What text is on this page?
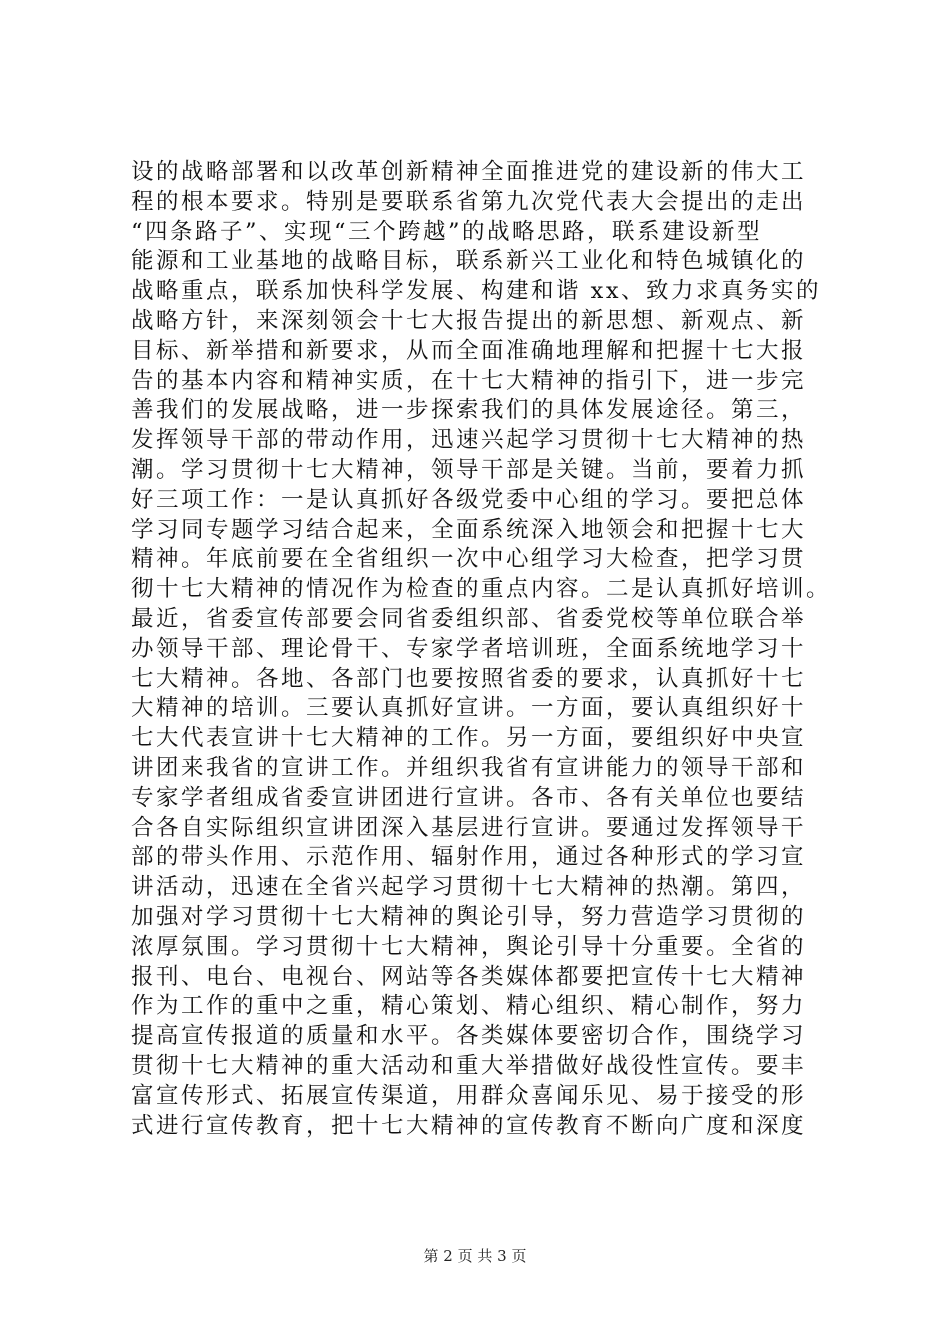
设的战略部署和以改革创新精神全面推进党的建设新的伟大工
程的根本要求。特别是要联系省第九次党代表大会提出的走出
“四条路子”、实现“三个跨越”的战略思路，联系建设新型
能源和工业基地的战略目标，联系新兴工业化和特色城镇化的
战略重点，联系加快科学发展、构建和谐 xx、致力求真务实的
战略方针，来深刻领会十七大报告提出的新思想、新观点、新
目标、新举措和新要求，从而全面准确地理解和把握十七大报
告的基本内容和精神实质，在十七大精神的指引下，进一步完
善我们的发展战略，进一步探索我们的具体发展途径。第三，
发挥领导干部的带动作用，迅速兴起学习贯彻十七大精神的热
潮。学习贯彻十七大精神，领导干部是关键。当前，要着力抓
好三项工作：一是认真抓好各级党委中心组的学习。要把总体
学习同专题学习结合起来，全面系统深入地领会和把握十七大
精神。年底前要在全省组织一次中心组学习大检查，把学习贯
彻十七大精神的情况作为检查的重点内容。二是认真抓好培训。
最近，省委宣传部要会同省委组织部、省委党校等单位联合举
办领导干部、理论骨干、专家学者培训班，全面系统地学习十
七大精神。各地、各部门也要按照省委的要求，认真抓好十七
大精神的培训。三要认真抓好宣讲。一方面，要认真组织好十
七大代表宣讲十七大精神的工作。另一方面，要组织好中央宣
讲团来我省的宣讲工作。并组织我省有宣讲能力的领导干部和
专家学者组成省委宣讲团进行宣讲。各市、各有关单位也要结
合各自实际组织宣讲团深入基层进行宣讲。要通过发挥领导干
部的带头作用、示范作用、辐射作用，通过各种形式的学习宣
讲活动，迅速在全省兴起学习贯彻十七大精神的热潮。第四，
加强对学习贯彻十七大精神的舆论引导，努力营造学习贯彻的
浓厚氛围。学习贯彻十七大精神，舆论引导十分重要。全省的
报刊、电台、电视台、网站等各类媒体都要把宣传十七大精神
作为工作的重中之重，精心策划、精心组织、精心制作，努力
提高宣传报道的质量和水平。各类媒体要密切合作，围绕学习
贯彻十七大精神的重大活动和重大举措做好战役性宣传。要丰
富宣传形式、拓展宣传渠道，用群众喜闻乐见、易于接受的形
式进行宣传教育，把十七大精神的宣传教育不断向广度和深度
第 2 页 共 3 页
